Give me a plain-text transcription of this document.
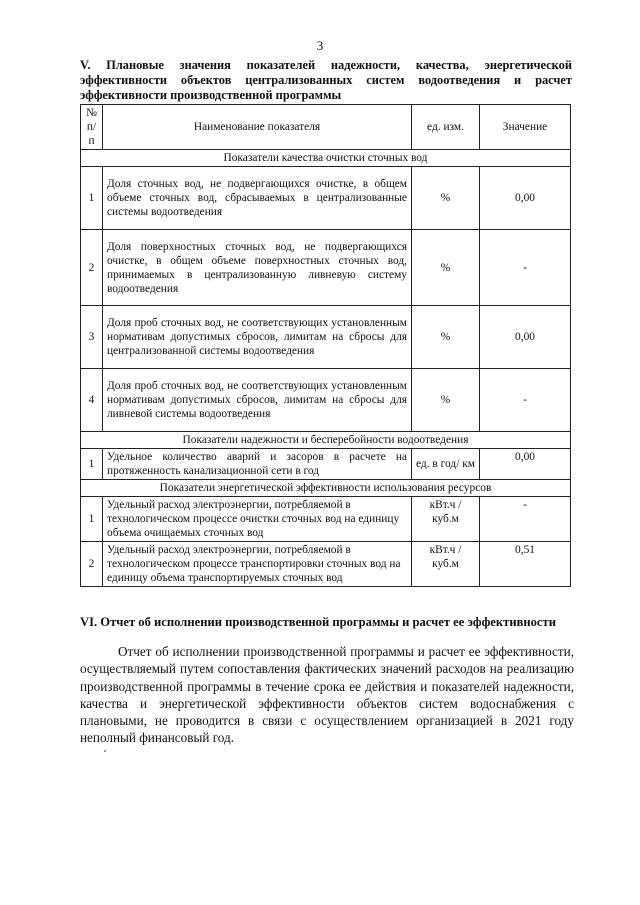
3
V. Плановые значения показателей надежности, качества, энергетической эффективности объектов централизованных систем водоотведения и расчет эффективности производственной программы
№ п/п	Наименование показателя	ед. изм.	Значение
Показатели качества очистки сточных вод			
1	Доля сточных вод, не подвергающихся очистке, в общем объеме сточных вод, сбрасываемых в централизованные системы водоотведения	%	0,00
2	Доля поверхностных сточных вод, не подвергающихся очистке, в общем объеме поверхностных сточных вод, принимаемых в централизованную ливневую систему водоотведения	%	-
3	Доля проб сточных вод, не соответствующих установленным нормативам допустимых сбросов, лимитам на сбросы для централизованной системы водоотведения	%	0,00
4	Доля проб сточных вод, не соответствующих установленным нормативам допустимых сбросов, лимитам на сбросы для ливневой системы водоотведения	%	-
Показатели надежности и бесперебойности водоотведения			
1	Удельное количество аварий и засоров в расчете на протяженность канализационной сети в год	ед. в год/ км	0,00
Показатели энергетической эффективности использования ресурсов			
1	Удельный расход электроэнергии, потребляемой в технологическом процессе очистки сточных вод на единицу объема очищаемых сточных вод	кВт.ч / куб.м	-
2	Удельный расход электроэнергии, потребляемой в технологическом процессе транспортировки сточных вод на единицу объема транспортируемых сточных вод	кВт.ч / куб.м	0,51
VI. Отчет об исполнении производственной программы и расчет ее эффективности
Отчет об исполнении производственной программы и расчет ее эффективности, осуществляемый путем сопоставления фактических значений расходов на реализацию производственной программы в течение срока ее действия и показателей надежности, качества и энергетической эффективности объектов систем водоснабжения с плановыми, не проводится в связи с осуществлением организацией в 2021 году неполный финансовый год.
